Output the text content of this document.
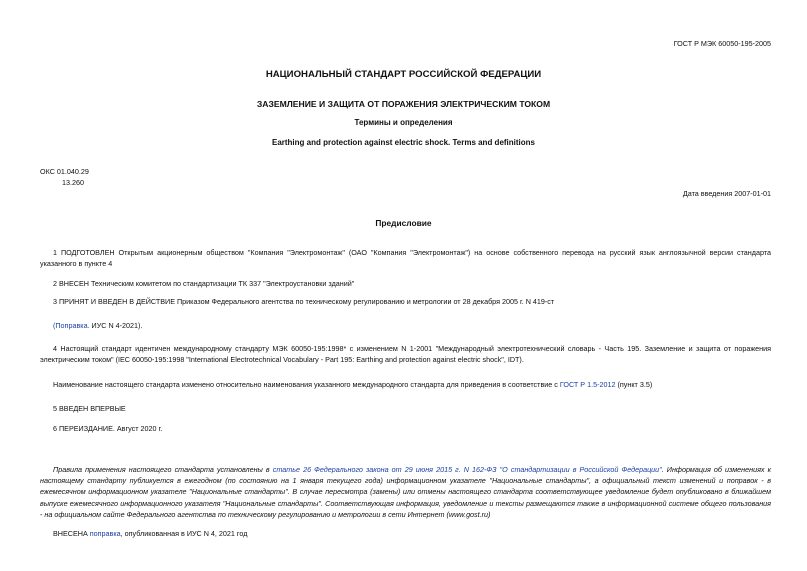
ГОСТ Р МЭК 60050-195-2005
НАЦИОНАЛЬНЫЙ СТАНДАРТ РОССИЙСКОЙ ФЕДЕРАЦИИ
ЗАЗЕМЛЕНИЕ И ЗАЩИТА ОТ ПОРАЖЕНИЯ ЭЛЕКТРИЧЕСКИМ ТОКОМ
Термины и определения
Earthing and protection against electric shock. Terms and definitions
ОКС 01.040.29
13.260
Дата введения 2007-01-01
Предисловие
1 ПОДГОТОВЛЕН Открытым акционерным обществом "Компания "Электромонтаж" (ОАО "Компания "Электромонтаж") на основе собственного перевода на русский язык англоязычной версии стандарта указанного в пункте 4
2 ВНЕСЕН Техническим комитетом по стандартизации ТК 337 "Электроустановки зданий"
3 ПРИНЯТ И ВВЕДЕН В ДЕЙСТВИЕ Приказом Федерального агентства по техническому регулированию и метрологии от 28 декабря 2005 г. N 419-ст
(Поправка. ИУС N 4-2021).
4 Настоящий стандарт идентичен международному стандарту МЭК 60050-195:1998* с изменением N 1-2001 "Международный электротехнический словарь - Часть 195. Заземление и защита от поражения электрическим током" (IEC 60050-195:1998 "International Electrotechnical Vocabulary - Part 195: Earthing and protection against electric shock", IDT).
Наименование настоящего стандарта изменено относительно наименования указанного международного стандарта для приведения в соответствие с ГОСТ Р 1.5-2012 (пункт 3.5)
5 ВВЕДЕН ВПЕРВЫЕ
6 ПЕРЕИЗДАНИЕ. Август 2020 г.
Правила применения настоящего стандарта установлены в статье 26 Федерального закона от 29 июня 2015 г. N 162-ФЗ "О стандартизации в Российской Федерации". Информация об изменениях к настоящему стандарту публикуется в ежегодном (по состоянию на 1 января текущего года) информационном указателе "Национальные стандарты", а официальный текст изменений и поправок - в ежемесячном информационном указателе "Национальные стандарты". В случае пересмотра (замены) или отмены настоящего стандарта соответствующее уведомление будет опубликовано в ближайшем выпуске ежемесячного информационного указателя "Национальные стандарты". Соответствующая информация, уведомление и тексты размещаются также в информационной системе общего пользования - на официальном сайте Федерального агентства по техническому регулированию и метрологии в сети Интернет (www.gost.ru)
ВНЕСЕНА поправка, опубликованная в ИУС N 4, 2021 год
